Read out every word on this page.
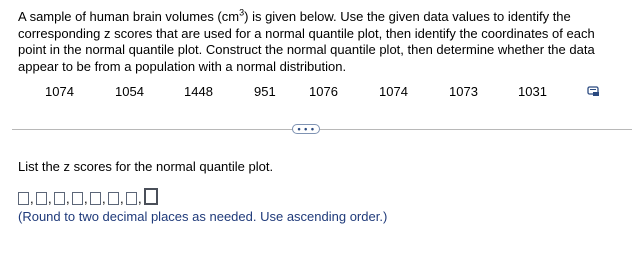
A sample of human brain volumes $(cm^3)$ is given below. Use the given data values to identify the corresponding z scores that are used for a normal quantile plot, then identify the coordinates of each point in the normal quantile plot. Construct the normal quantile plot, then determine whether the data appear to be from a population with a normal distribution.
1074	1054	1448	951	1076	1074	1073	1031
• • •
List the z scores for the normal quantile plot.
, , , , , , ,
(Round to two decimal places as needed. Use ascending order.)
